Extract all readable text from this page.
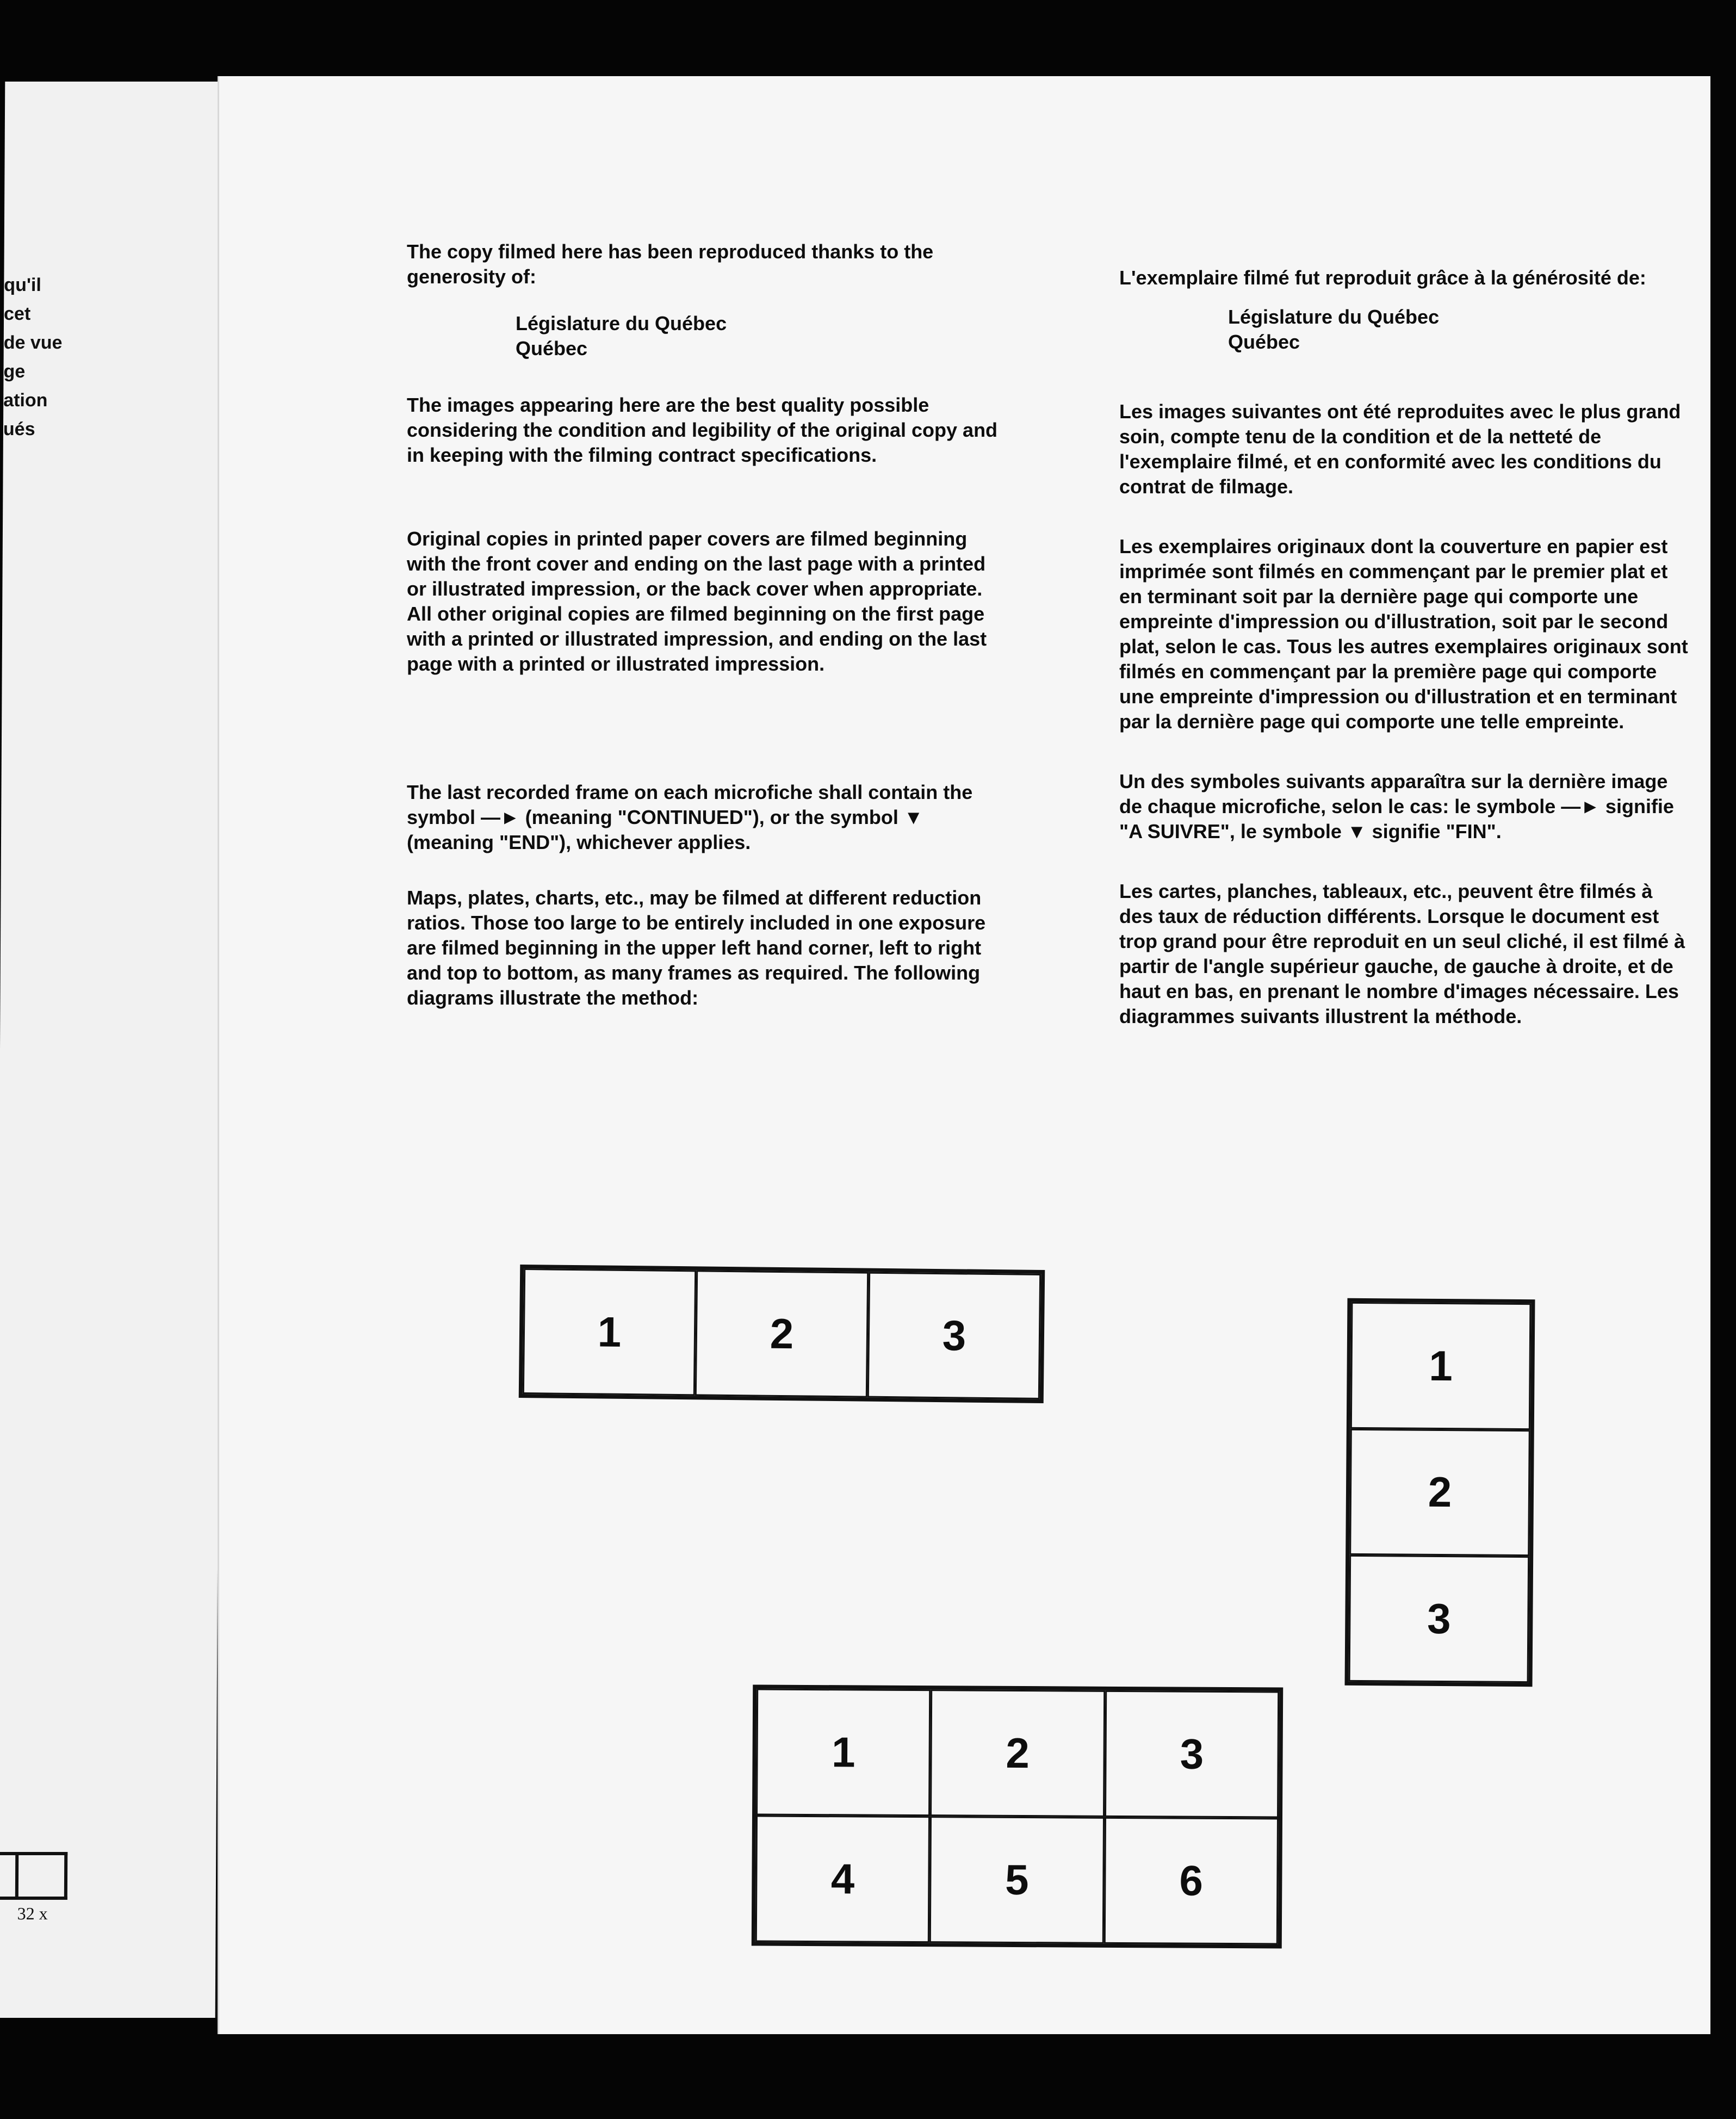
qu'il
cet
de vue
ge
ation
ués
32 x

The copy filmed here has been reproduced thanks to the generosity of:

Législature du Québec

Québec

The images appearing here are the best quality possible considering the condition and legibility of the original copy and in keeping with the filming contract specifications.

Original copies in printed paper covers are filmed beginning with the front cover and ending on the last page with a printed or illustrated impression, or the back cover when appropriate. All other original copies are filmed beginning on the first page with a printed or illustrated impression, and ending on the last page with a printed or illustrated impression.

The last recorded frame on each microfiche shall contain the symbol —► (meaning "CONTINUED"), or the symbol ▼ (meaning "END"), whichever applies.

Maps, plates, charts, etc., may be filmed at different reduction ratios. Those too large to be entirely included in one exposure are filmed beginning in the upper left hand corner, left to right and top to bottom, as many frames as required. The following diagrams illustrate the method:

L'exemplaire filmé fut reproduit grâce à la générosité de:

Législature du Québec

Québec

Les images suivantes ont été reproduites avec le plus grand soin, compte tenu de la condition et de la netteté de l'exemplaire filmé, et en conformité avec les conditions du contrat de filmage.

Les exemplaires originaux dont la couverture en papier est imprimée sont filmés en commençant par le premier plat et en terminant soit par la dernière page qui comporte une empreinte d'impression ou d'illustration, soit par le second plat, selon le cas. Tous les autres exemplaires originaux sont filmés en commençant par la première page qui comporte une empreinte d'impression ou d'illustration et en terminant par la dernière page qui comporte une telle empreinte.

Un des symboles suivants apparaîtra sur la dernière image de chaque microfiche, selon le cas: le symbole —► signifie "A SUIVRE", le symbole ▼ signifie "FIN".

Les cartes, planches, tableaux, etc., peuvent être filmés à des taux de réduction différents. Lorsque le document est trop grand pour être reproduit en un seul cliché, il est filmé à partir de l'angle supérieur gauche, de gauche à droite, et de haut en bas, en prenant le nombre d'images nécessaire. Les diagrammes suivants illustrent la méthode.

1	2	3
1
2
3
1	2	3
4	5	6
